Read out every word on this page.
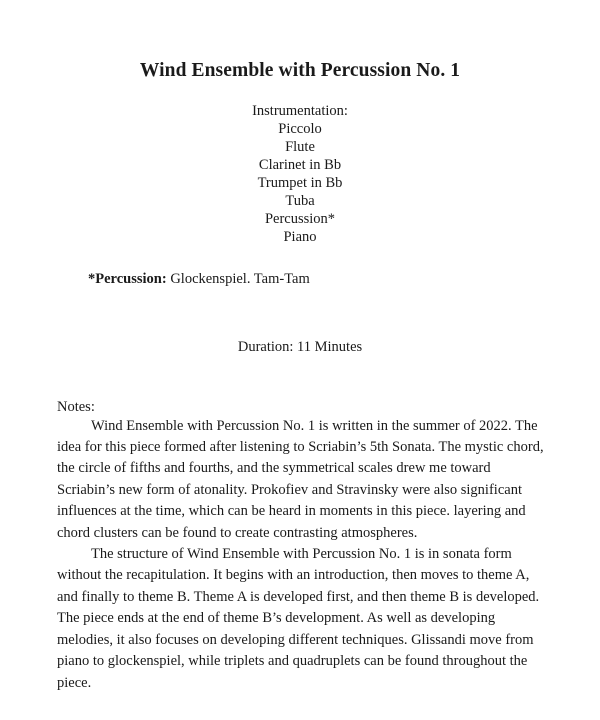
Wind Ensemble with Percussion No. 1
Instrumentation:
Piccolo
Flute
Clarinet in Bb
Trumpet in Bb
Tuba
Percussion*
Piano

*Percussion: Glockenspiel. Tam-Tam

Duration: 11 Minutes

Notes:

Wind Ensemble with Percussion No. 1 is written in the summer of 2022. The idea for this piece formed after listening to Scriabin’s 5th Sonata. The mystic chord, the circle of fifths and fourths, and the symmetrical scales drew me toward Scriabin’s new form of atonality. Prokofiev and Stravinsky were also significant influences at the time, which can be heard in moments in this piece. layering and chord clusters can be found to create contrasting atmospheres.

The structure of Wind Ensemble with Percussion No. 1 is in sonata form without the recapitulation. It begins with an introduction, then moves to theme A, and finally to theme B. Theme A is developed first, and then theme B is developed. The piece ends at the end of theme B’s development. As well as developing melodies, it also focuses on developing different techniques. Glissandi move from piano to glockenspiel, while triplets and quadruplets can be found throughout the piece.
